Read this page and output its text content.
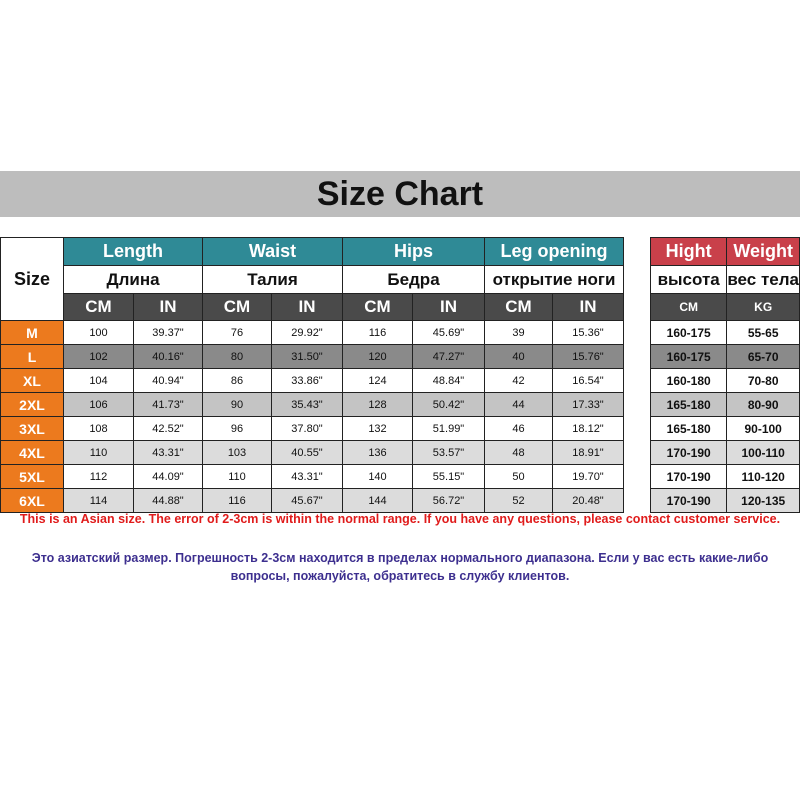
Size Chart
Size	Length		Waist		Hips		Leg opening	
	Длина		Талия		Бедра		открытие ноги	
	CM	IN	CM	IN	CM	IN	CM	IN
M	100	39.37"	76	29.92"	116	45.69"	39	15.36"
L	102	40.16"	80	31.50"	120	47.27"	40	15.76"
XL	104	40.94"	86	33.86"	124	48.84"	42	16.54"
2XL	106	41.73"	90	35.43"	128	50.42"	44	17.33"
3XL	108	42.52"	96	37.80"	132	51.99"	46	18.12"
4XL	110	43.31"	103	40.55"	136	53.57"	48	18.91"
5XL	112	44.09"	110	43.31"	140	55.15"	50	19.70"
6XL	114	44.88"	116	45.67"	144	56.72"	52	20.48"
Hight	Weight
высота	вес тела
CM	KG
160-175	55-65
160-175	65-70
160-180	70-80
165-180	80-90
165-180	90-100
170-190	100-110
170-190	110-120
170-190	120-135
This is an Asian size. The error of 2-3cm is within the normal range. If you have any questions, please contact customer service.
Это азиатский размер. Погрешность 2-3см находится в пределах нормального диапазона. Если у вас есть какие-либо вопросы, пожалуйста, обратитесь в службу клиентов.
